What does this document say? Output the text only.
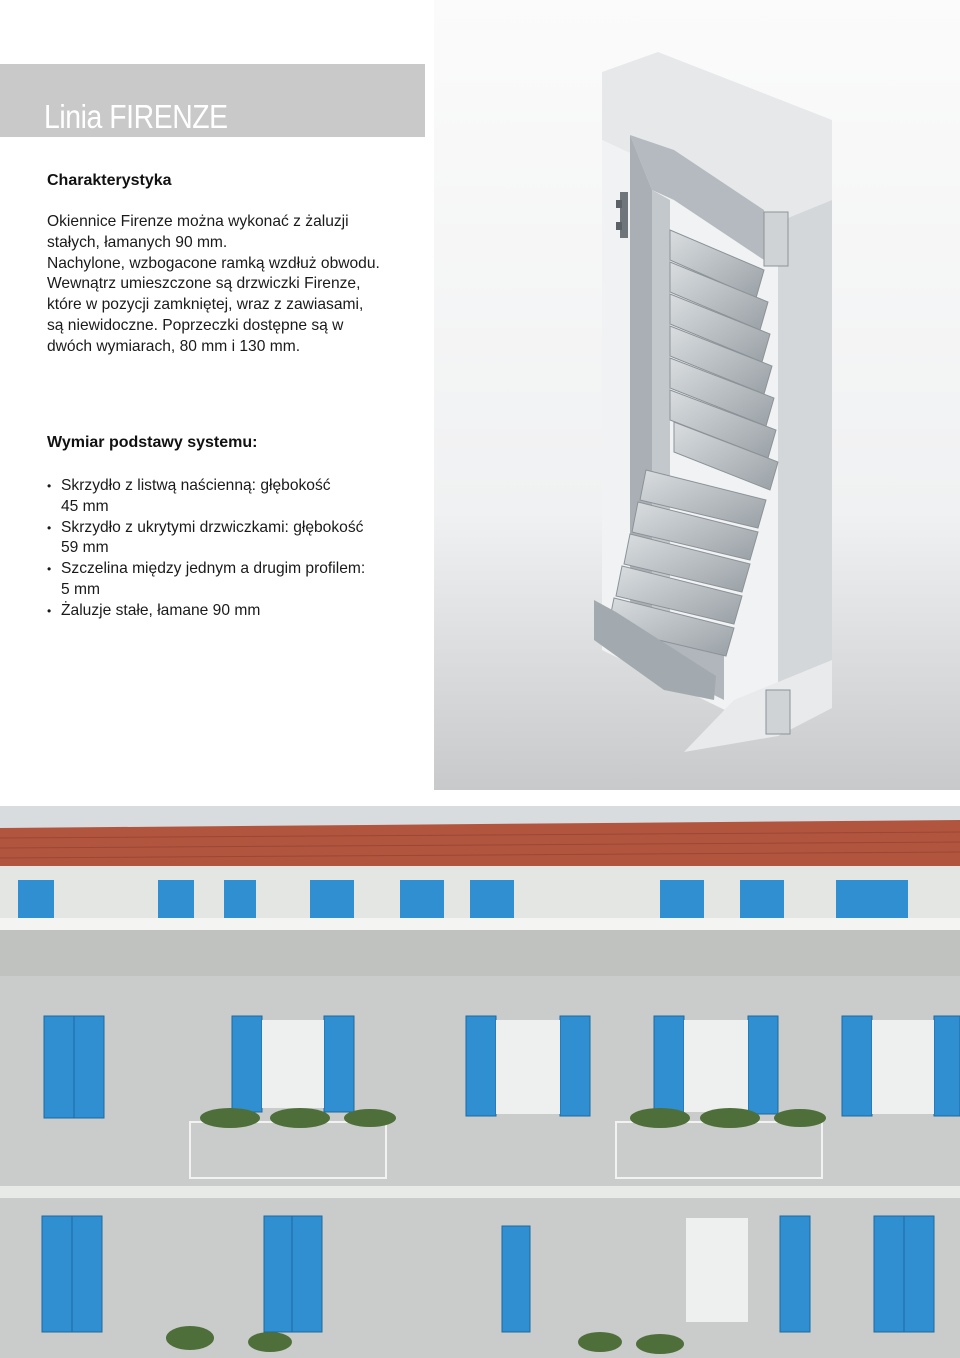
Linia FIRENZE
Charakterystyka

Okiennice Firenze można wykonać z żaluzji
stałych, łamanych 90 mm.
Nachylone, wzbogacone ramką wzdłuż obwodu.
Wewnątrz umieszczone są drzwiczki Firenze,
które w pozycji zamkniętej, wraz z zawiasami,
są niewidoczne. Poprzeczki dostępne są w
dwóch wymiarach, 80 mm i 130 mm.

Wymiar podstawy systemu:
• Skrzydło z listwą naścienną: głębokość
45 mm
• Skrzydło z ukrytymi drzwiczkami: głębokość
59 mm
• Szczelina między jednym a drugim profilem:
5 mm
• Żaluzje stałe, łamane 90 mm
